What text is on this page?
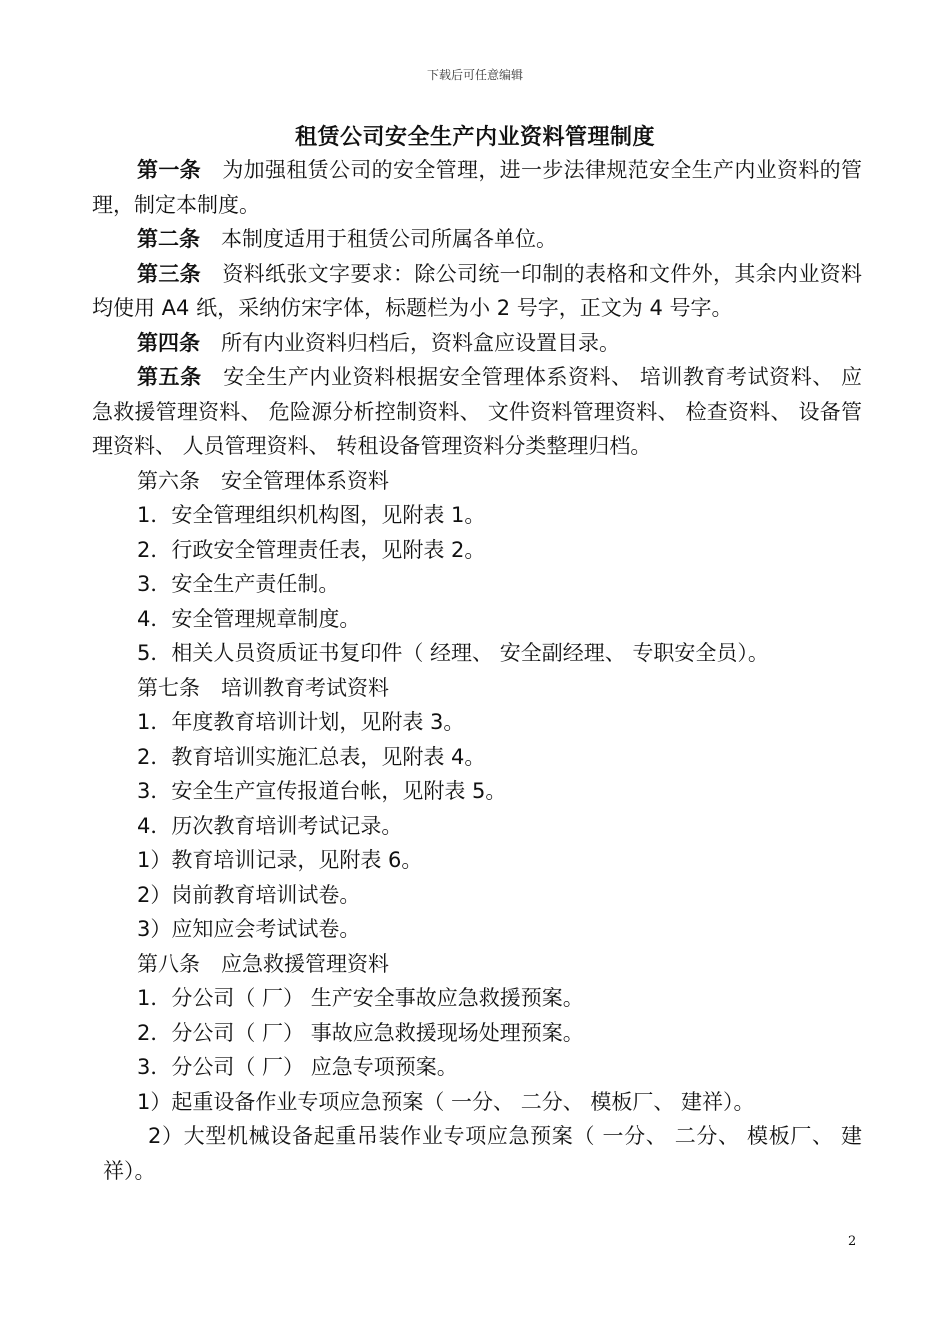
下载后可任意编辑
租赁公司安全生产内业资料管理制度

第一条　 为加强租赁公司的安全管理，进一步法律规范安全生产内业资料的管理，制定本制度。

第二条　 本制度适用于租赁公司所属各单位。

第三条　 资料纸张文字要求：除公司统一印制的表格和文件外，其余内业资料均使用 A4 纸，采纳仿宋字体，标题栏为小 2 号字，正文为 4 号字。

第四条　 所有内业资料归档后，资料盒应设置目录。

第五条　 安全生产内业资料根据安全管理体系资料、 培训教育考试资料、 应急救援管理资料、 危险源分析控制资料、 文件资料管理资料、 检查资料、 设备管理资料、 人员管理资料、 转租设备管理资料分类整理归档。

第六条　 安全管理体系资料

1．安全管理组织机构图，见附表 1。

2．行政安全管理责任表，见附表 2。

3．安全生产责任制。

4．安全管理规章制度。

5．相关人员资质证书复印件（ 经理、 安全副经理、 专职安全员）。

第七条　 培训教育考试资料

1．年度教育培训计划，见附表 3。

2．教育培训实施汇总表，见附表 4。

3．安全生产宣传报道台帐，见附表 5。

4．历次教育培训考试记录。

1）教育培训记录，见附表 6。

2）岗前教育培训试卷。

3）应知应会考试试卷。

第八条　 应急救援管理资料

1．分公司（ 厂） 生产安全事故应急救援预案。

2．分公司（ 厂） 事故应急救援现场处理预案。

3．分公司（ 厂） 应急专项预案。

1）起重设备作业专项应急预案（ 一分、 二分、 模板厂、 建祥）。

2）大型机械设备起重吊装作业专项应急预案（ 一分、 二分、 模板厂、 建祥）。

2
